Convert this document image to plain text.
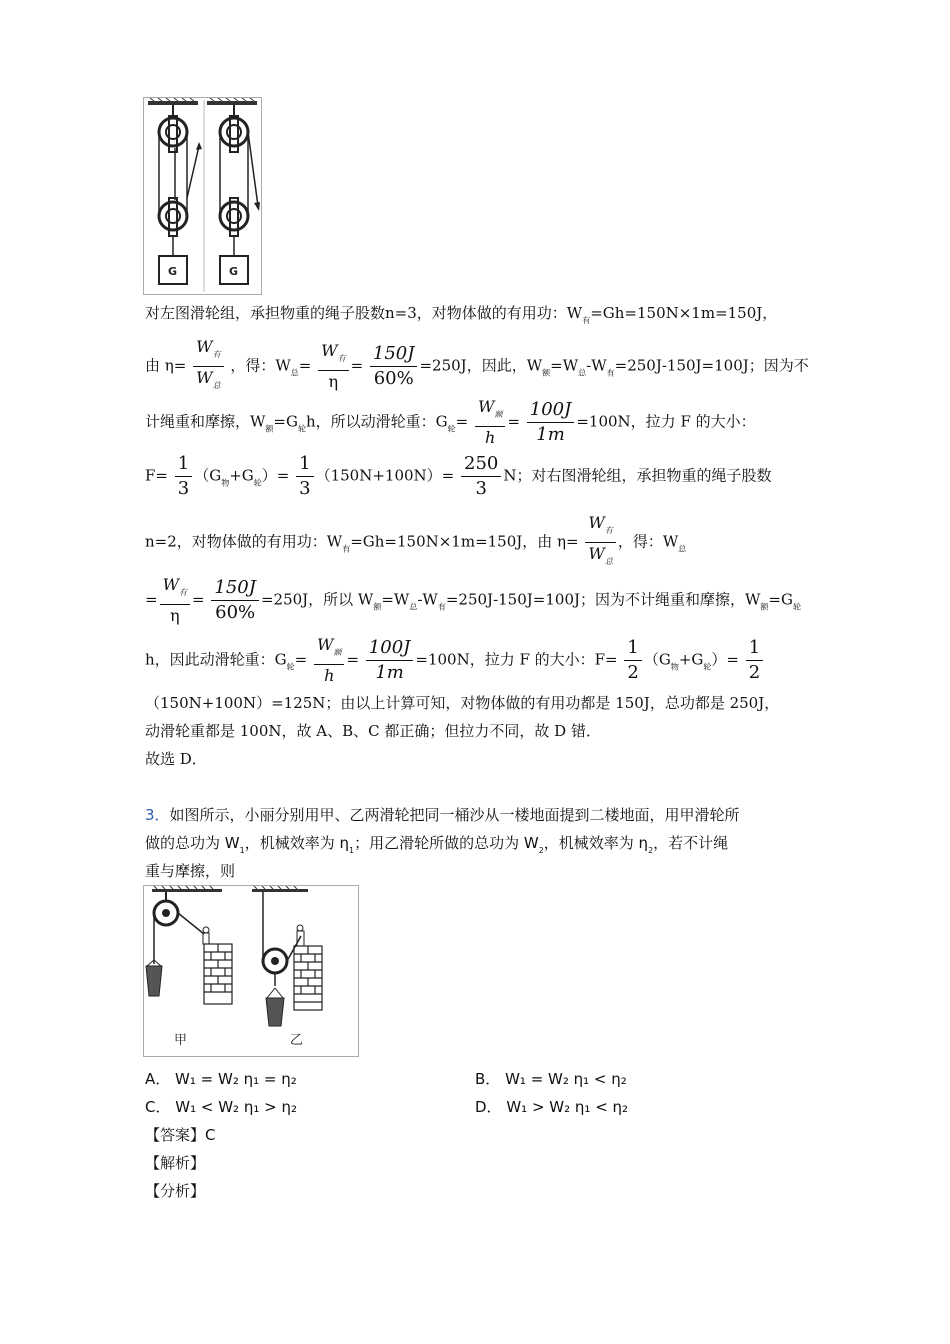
G	G
对左图滑轮组，承担物重的绳子股数n=3，对物体做的有用功：$W_有=Gh=150N\times 1m=150J$，
由 $\eta= \frac{W_有}{W_总}$ ，得：$W_总= \frac{W_有}{\eta} = \frac{150J}{60\%} =250J$，因此，$W_额=W_总-W_有=250J-150J=100J$；因为不
计绳重和摩擦，$W_额=G_轮h$，所以动滑轮重：$G_轮= \frac{W_额}{h} = \frac{100J}{1m} =100N$，拉力 F 的大小：
$F= \frac{1}{3} (G_物+G_轮)= \frac{1}{3} (150N+100N)= \frac{250}{3}$ N；对右图滑轮组，承担物重的绳子股数
n=2，对物体做的有用功：$W_有=Gh=150N\times 1m=150J$，由 $\eta= \frac{W_有}{W_总}$ ，得：$W_总$
= $\frac{W_有}{\eta} = \frac{150J}{60\%} =250J$，所以 $W_额=W_总-W_有=250J-150J=100J$；因为不计绳重和摩擦，$W_额=G_轮$
h，因此动滑轮重：$G_轮= \frac{W_额}{h} = \frac{100J}{1m} =100N$，拉力 F 的大小：$F= \frac{1}{2} (G_物+G_轮)= \frac{1}{2}$
（150N+100N）=125N；由以上计算可知，对物体做的有用功都是 150J，总功都是 250J，
动滑轮重都是 100N，故 A、B、C 都正确；但拉力不同，故 D 错．
故选 D．
3．如图所示，小丽分别用甲、乙两滑轮把同一桶沙从一楼地面提到二楼地面，用甲滑轮所
做的总功为 $W_1$，机械效率为 $\eta_1$；用乙滑轮所做的总功为 $W_2$，机械效率为 $\eta_2$，若不计绳
重与摩擦，则
甲	乙
A． W₁ = W₂ η₁ = η₂	B． W₁ = W₂ η₁ < η₂
C． W₁ < W₂ η₁ > η₂	D． W₁ > W₂ η₁ < η₂
【答案】C
【解析】
【分析】
